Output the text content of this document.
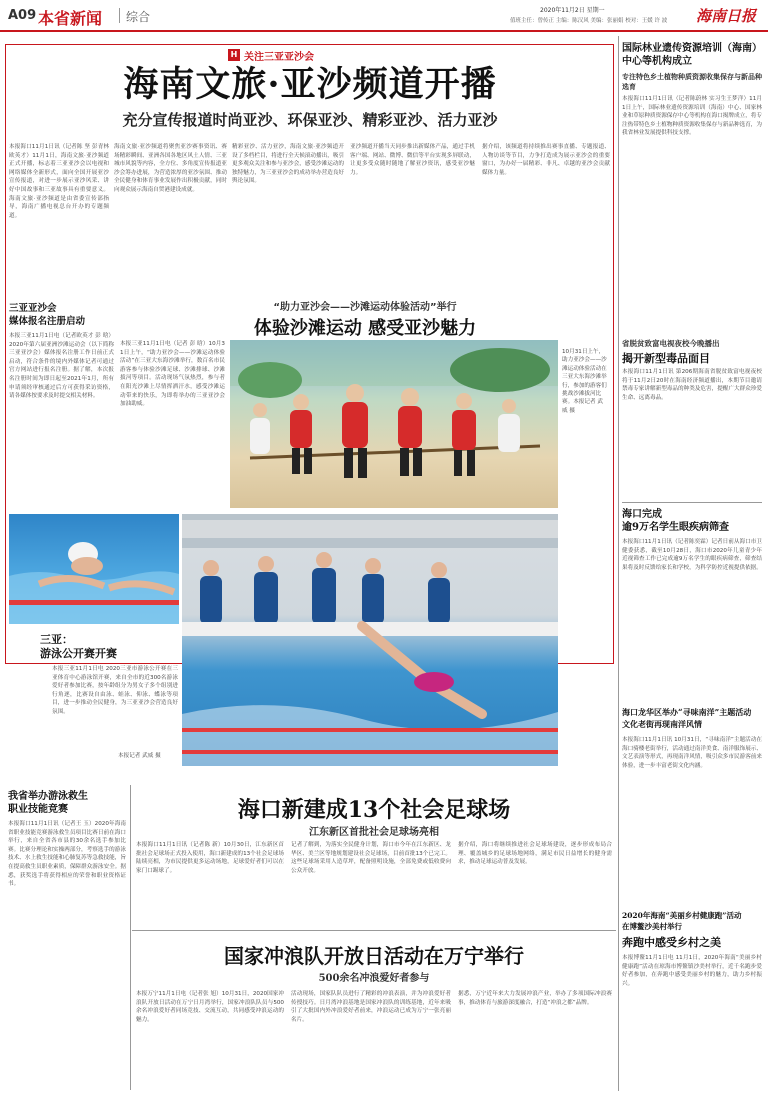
A09 本省新闻 综合	2020年11月2日 星期一
值班主任：曾传正 主编：陈汉风 美编：张丽娟 校对：王媛 许 波 海南日报
H 关注三亚亚沙会
海南文旅·亚沙频道开播
充分宣传报道时尚亚沙、环保亚沙、精彩亚沙、活力亚沙
本报海口11月1日讯（记者陈 坚 彭青林 欧英才）11月1日，海南文旅·亚沙频道正式开播，标志着三亚亚沙会以电视和网络媒体全新形式，面向全国开展亚沙宣传报道，对进一步展示亚沙风采、讲好中国故事和三亚故事具有重要意义。海南文旅·亚沙频道是由省委宣传部指导，海南广播电视总台开办的专题频道。
海南文旅·亚沙频道将聚焦亚沙赛事资讯、赛场精彩瞬间、亚洲各国各地区风土人情、三亚城市风貌等内容，全方位、多角度宣传报道亚沙会筹办进展，为营造浓厚的亚沙氛围、推动全民健身和体育事业发展作出积极贡献，同时向观众展示海南自贸港建设成就。
精彩亚沙、活力亚沙，海南文旅·亚沙频道开设了多档栏目，将进行全天候滚动播出，吸引更多观众关注和参与亚沙会，感受沙滩运动的独特魅力，为三亚亚沙会的成功举办营造良好舆论氛围。
亚沙频道开播当天同步推出新媒体产品，通过手机客户端、网站、微博、微信等平台实现多屏联动，让更多受众随时随地了解亚沙资讯，感受亚沙魅力。
据介绍，该频道将持续推出赛事直播、专题报道、人物访谈等节目，力争打造成为展示亚沙会的重要窗口，为办好一届精彩、非凡、卓越的亚沙会贡献媒体力量。
三亚亚沙会
媒体报名注册启动
本报三亚11月1日电（记者欧英才 彭 晗）2020年第六届亚洲沙滩运动会（以下简称三亚亚沙会）媒体报名注册工作日前正式启动，符合条件的境内外媒体记者可通过官方网站进行报名注册。据了解，本次报名注册时间为即日起至2021年1月，所有申请须经审核通过后方可获得采访资格，请各媒体按要求及时提交相关材料。
“助力亚沙会——沙滩运动体验活动”举行
体验沙滩运动 感受亚沙魅力
本报三亚11月1日电（记者 彭 晗）10月31日上午，“助力亚沙会——沙滩运动体验活动”在三亚大东海沙滩举行，数百名市民游客参与体验沙滩足球、沙滩排球、沙滩拔河等项目。活动现场气氛热烈，参与者在阳光沙滩上尽情挥洒汗水，感受沙滩运动带来的快乐，为即将举办的三亚亚沙会加油助威。
10月31日上午，助力亚沙会——沙滩运动体验活动在三亚大东海沙滩举行，参加的游客们挑战沙滩拔河比赛。本报记者 武威 摄
三亚：
游泳公开赛开赛
本报三亚11月1日电 2020三亚市游泳公开赛在三亚体育中心游泳馆开赛，来自全市的近300名游泳爱好者参加比赛，按年龄组分为男女子多个组别进行角逐，比赛设自由泳、蛙泳、仰泳、蝶泳等项目，进一步推动全民健身，为三亚亚沙会营造良好氛围。
本报记者 武威 摄
我省举办游泳救生
职业技能竞赛
本报海口11月1日讯（记者王 玉）2020年海南省职业技能竞赛游泳救生员项目比赛日前在海口举行，来自全省各市县的30余名选手参加比赛。比赛分理论和实操两部分，考察选手的游泳技术、水上救生技能和心肺复苏等急救技能，旨在提高救生员职业素质，保障群众游泳安全。据悉，获奖选手将获得相应的荣誉和职业资格证书。
海口新建成13个社会足球场
江东新区首批社会足球场亮相
本报海口11月1日讯（记者陈 新）10月30日，江东新区首批社会足球场正式投入使用，海口新建成的13个社会足球场陆续亮相，为市民提供更多运动场地，足球爱好者们可以在家门口踢球了。
记者了解到，为落实全民健身计划，海口市今年在江东新区、龙华区、美兰区等地规划建设社会足球场，目前首批13个已完工。这些足球场采用人造草坪，配备照明设施，全部免费或低收费向公众开放。
据介绍，海口将继续推进社会足球场建设，逐步形成布局合理、覆盖城乡的足球场地网络，满足市民日益增长的健身需求，推动足球运动普及发展。
国家冲浪队开放日活动在万宁举行
500余名冲浪爱好者参与
本报万宁11月1日电（记者张 旭）10月31日，2020国家冲浪队开放日活动在万宁日月湾举行，国家冲浪队队员与500余名冲浪爱好者同场竞技、交流互动，共同感受冲浪运动的魅力。
活动现场，国家队队员进行了精彩的冲浪表演，并为冲浪爱好者传授技巧。日月湾冲浪基地是国家冲浪队的训练基地，近年来吸引了大批国内外冲浪爱好者前来，冲浪运动已成为万宁一张亮丽名片。
据悉，万宁近年来大力发展冲浪产业，举办了多项国际冲浪赛事，推动体育与旅游深度融合，打造“冲浪之都”品牌。
国际林业遗传资源培训（海南）中心等机构成立
专注特色乡土植物种质资源收集保存与新品种选育
本报海口11月1日讯（记者陈蔚林 实习生王梦洋）11月1日上午，国际林业遗传资源培训（海南）中心、国家林业和草原种质资源保存中心等机构在海口揭牌成立，将专注热带特色乡土植物种质资源收集保存与新品种选育，为我省林业发展提供科技支撑。
省脱贫致富电视夜校今晚播出
揭开新型毒品面目
本报海口11月1日讯 第206期海南省脱贫致富电视夜校将于11月2日20时在海南经济频道播出，本期节目邀请禁毒专家讲解新型毒品的种类及危害，提醒广大群众珍爱生命、远离毒品。
海口完成
逾9万名学生眼疾病筛查
本报海口11月1日讯（记者陈奕霖）记者日前从海口市卫健委获悉，截至10月28日，海口市2020年儿童青少年近视筛查工作已完成逾9万名学生的眼疾病筛查，筛查结果将及时反馈给家长和学校，为科学防控近视提供依据。
海口龙华区举办“寻味南洋”主题活动
文化老街再现南洋风情
本报海口11月1日讯 10月31日，“寻味南洋”主题活动在海口骑楼老街举行，活动通过南洋美食、南洋服饰展示、文艺表演等形式，再现南洋风情，吸引众多市民游客前来体验，进一步丰富老街文化内涵。
2020年海南“美丽乡村健康跑”活动
在博鳌沙美村举行
奔跑中感受乡村之美
本报博鳌11月1日电 11月1日，2020年海南“美丽乡村健康跑”活动在琼海市博鳌镇沙美村举行，近千名跑步爱好者参加，在奔跑中感受美丽乡村的魅力，助力乡村振兴。
